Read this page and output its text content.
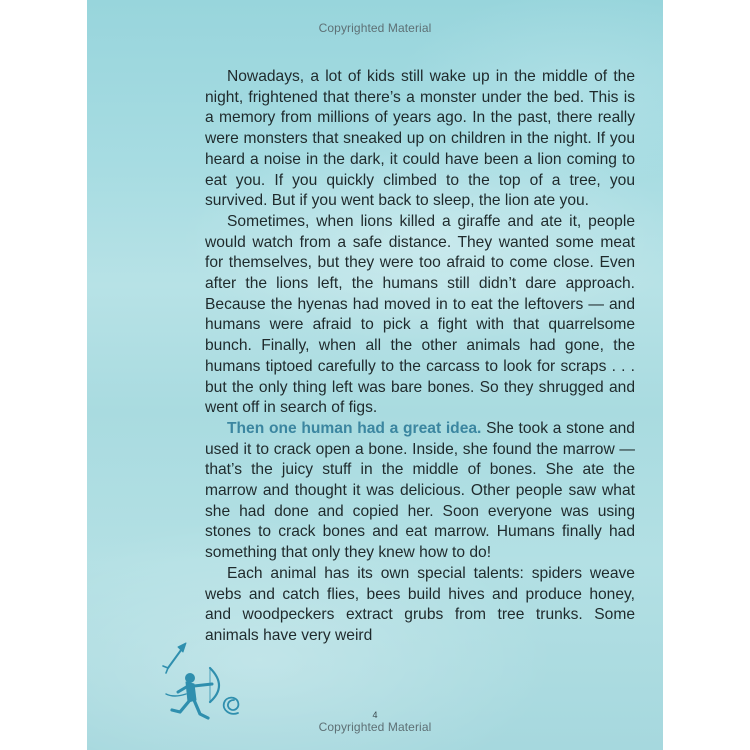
Copyrighted Material

Nowadays, a lot of kids still wake up in the middle of the night, frightened that there’s a monster under the bed. This is a memory from millions of years ago. In the past, there really were monsters that sneaked up on children in the night. If you heard a noise in the dark, it could have been a lion coming to eat you. If you quickly climbed to the top of a tree, you survived. But if you went back to sleep, the lion ate you.

Sometimes, when lions killed a giraffe and ate it, people would watch from a safe distance. They wanted some meat for themselves, but they were too afraid to come close. Even after the lions left, the humans still didn’t dare approach. Because the hyenas had moved in to eat the leftovers — and humans were afraid to pick a fight with that quarrelsome bunch. Finally, when all the other animals had gone, the humans tiptoed carefully to the carcass to look for scraps . . . but the only thing left was bare bones. So they shrugged and went off in search of figs.

Then one human had a great idea. She took a stone and used it to crack open a bone. Inside, she found the marrow — that’s the juicy stuff in the middle of bones. She ate the marrow and thought it was delicious. Other people saw what she had done and copied her. Soon everyone was using stones to crack bones and eat marrow. Humans finally had something that only they knew how to do!

Each animal has its own special talents: spiders weave webs and catch flies, bees build hives and produce honey, and woodpeckers extract grubs from tree trunks. Some animals have very weird

4
Copyrighted Material
